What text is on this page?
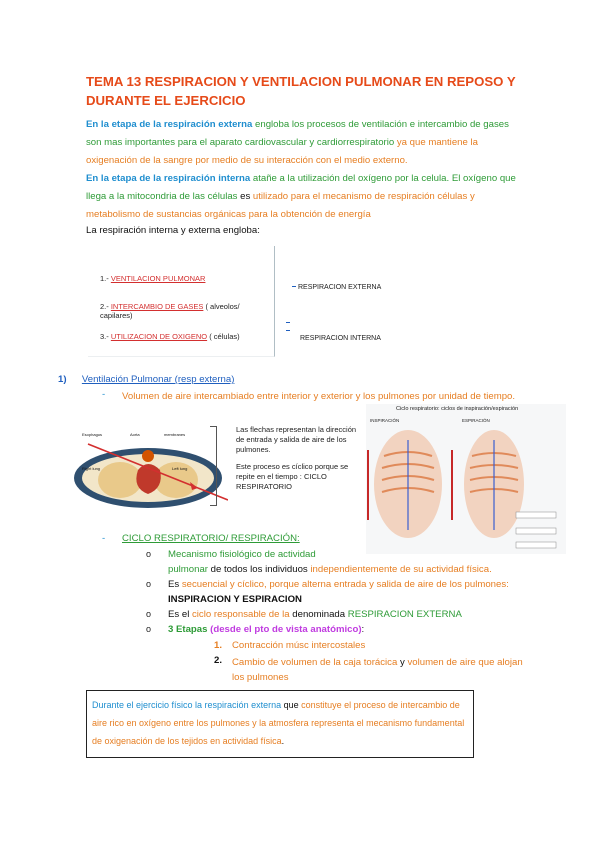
TEMA 13 RESPIRACION Y VENTILACION PULMONAR EN REPOSO Y DURANTE EL EJERCICIO
En la etapa de la respiración externa engloba los procesos de ventilación e intercambio de gases son mas importantes para el aparato cardiovascular y cardiorrespiratorio ya que mantiene la oxigenación de la sangre por medio de su interacción con el medio externo.
En la etapa de la respiración interna atañe a la utilización del oxígeno por la celula. El oxígeno que llega a la mitocondria de las células es utilizado para el mecanismo de respiración células y metabolismo de sustancias orgánicas para la obtención de energía
La respiración interna y externa engloba:
1.- VENTILACION PULMONAR
2.- INTERCAMBIO DE GASES ( alveolos/ capilares)
3.- UTILIZACION DE OXIGENO ( células)
RESPIRACION EXTERNA
RESPIRACION INTERNA
1) Ventilación Pulmonar (resp externa)
- Volumen de aire intercambiado entre interior y exterior y los pulmones por unidad de tiempo.
Esophagus	Aorta	membranes
Right lung	Left lung
Las flechas representan la dirección de entrada y salida de aire de los pulmones.
Este proceso es cíclico porque se repite en el tiempo : CICLO RESPIRATORIO
Ciclo respiratorio: ciclos de inspiración/espiración
INSPIRACIÓN	ESPIRACIÓN
- CICLO RESPIRATORIO/ RESPIRACIÓN:
o Mecanismo fisiológico de actividad
pulmonar de todos los individuos independientemente de su actividad física.
o Es secuencial y cíclico, porque alterna entrada y salida de aire de los pulmones:
INSPIRACION Y ESPIRACION
o Es el ciclo responsable de la denominada RESPIRACION EXTERNA
o 3 Etapas (desde el pto de vista anatómico):
1. Contracción músc intercostales
2. Cambio de volumen de la caja torácica y volumen de aire que alojan los pulmones
Durante el ejercicio físico la respiración externa que constituye el proceso de intercambio de aire rico en oxígeno entre los pulmones y la atmosfera representa el mecanismo fundamental de oxigenación de los tejidos en actividad física.
